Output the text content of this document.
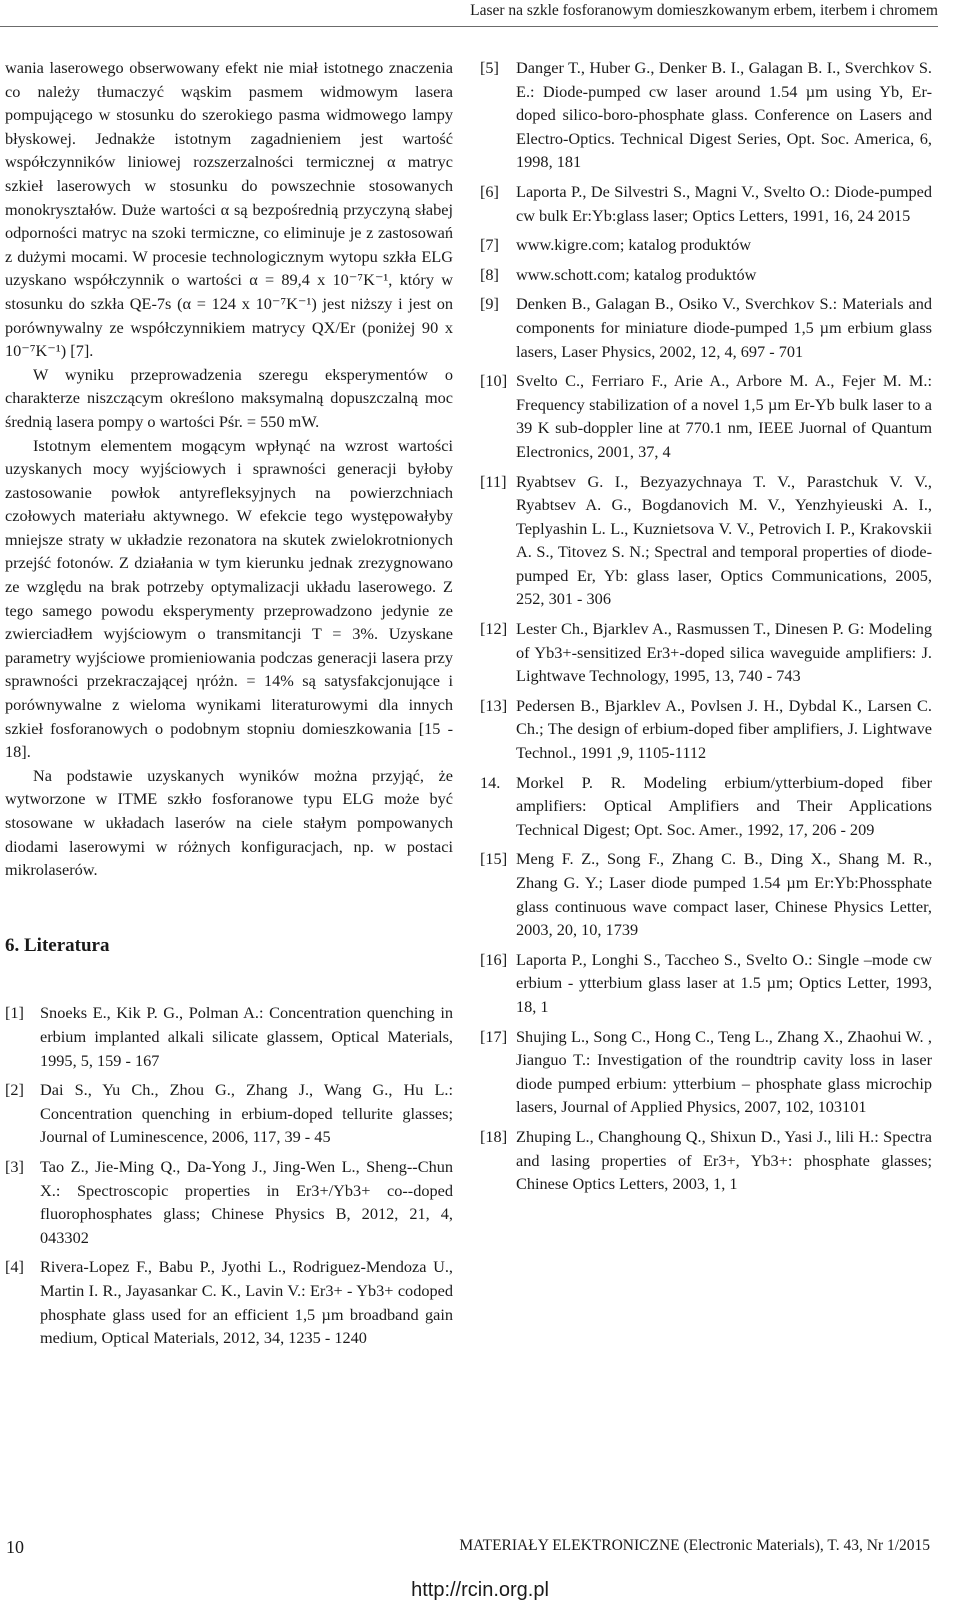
Laser na szkle fosforanowym domieszkowanym erbem, iterbem i chromem

wania laserowego obserwowany efekt nie miał istotnego znaczenia co należy tłumaczyć wąskim pasmem widmowym lasera pompującego w stosunku do szerokiego pasma widmowego lampy błyskowej. Jednakże istotnym zagadnieniem jest wartość współczynników liniowej rozszerzalności termicznej α matryc szkieł laserowych w stosunku do powszechnie stosowanych monokryształów. Duże wartości α są bezpośrednią przyczyną słabej odporności matryc na szoki termiczne, co eliminuje je z zastosowań z dużymi mocami. W procesie technologicznym wytopu szkła ELG uzyskano współczynnik o wartości α = 89,4 x 10⁻⁷K⁻¹, który w stosunku do szkła QE-7s (α = 124 x 10⁻⁷K⁻¹) jest niższy i jest on porównywalny ze współczynnikiem matrycy QX/Er (poniżej 90 x 10⁻⁷K⁻¹) [7].

W wyniku przeprowadzenia szeregu eksperymentów o charakterze niszczącym określono maksymalną dopuszczalną moc średnią lasera pompy o wartości Pśr. = 550 mW.

Istotnym elementem mogącym wpłynąć na wzrost wartości uzyskanych mocy wyjściowych i sprawności generacji byłoby zastosowanie powłok antyrefleksyjnych na powierzchniach czołowych materiału aktywnego. W efekcie tego występowałyby mniejsze straty w układzie rezonatora na skutek zwielokrotnionych przejść fotonów. Z działania w tym kierunku jednak zrezygnowano ze względu na brak potrzeby optymalizacji układu laserowego. Z tego samego powodu eksperymenty przeprowadzono jedynie ze zwierciadłem wyjściowym o transmitancji T = 3%. Uzyskane parametry wyjściowe promieniowania podczas generacji lasera przy sprawności przekraczającej ηróżn. = 14% są satysfakcjonujące i porównywalne z wieloma wynikami literaturowymi dla innych szkieł fosforanowych o podobnym stopniu domieszkowania [15 - 18].

Na podstawie uzyskanych wyników można przyjąć, że wytworzone w ITME szkło fosforanowe typu ELG może być stosowane w układach laserów na ciele stałym pompowanych diodami laserowymi w różnych konfiguracjach, np. w postaci mikrolaserów.

6. Literatura
[1] Snoeks E., Kik P. G., Polman A.: Concentration quenching in erbium implanted alkali silicate glassem, Optical Materials, 1995, 5, 159 - 167
[2] Dai S., Yu Ch., Zhou G., Zhang J., Wang G., Hu L.: Concentration quenching in erbium-doped tellurite glasses; Journal of Luminescence, 2006, 117, 39 - 45
[3] Tao Z., Jie-Ming Q., Da-Yong J., Jing-Wen L., Sheng--Chun X.: Spectroscopic properties in Er3+/Yb3+ co--doped fluorophosphates glass; Chinese Physics B, 2012, 21, 4, 043302
[4] Rivera-Lopez F., Babu P., Jyothi L., Rodriguez-Mendoza U., Martin I. R., Jayasankar C. K., Lavin V.: Er3+ - Yb3+ codoped phosphate glass used for an efficient 1,5 µm broadband gain medium, Optical Materials, 2012, 34, 1235 - 1240
[5]	Danger T., Huber G., Denker B. I., Galagan B. I., Sverchkov S. E.: Diode-pumped cw laser around 1.54 µm using Yb, Er-doped silico-boro-phosphate glass. Conference on Lasers and Electro-Optics. Technical Digest Series, Opt. Soc. America, 6, 1998, 181
[6]	Laporta P., De Silvestri S., Magni V., Svelto O.: Diode-pumped cw bulk Er:Yb:glass laser; Optics Letters, 1991, 16, 24 2015
[7]	www.kigre.com; katalog produktów
[8]	www.schott.com; katalog produktów
[9]	Denken B., Galagan B., Osiko V., Sverchkov S.: Materials and components for miniature diode-pumped 1,5 µm erbium glass lasers, Laser Physics, 2002, 12, 4, 697 - 701
[10] Svelto C., Ferriaro F., Arie A., Arbore M. A., Fejer M. M.: Frequency stabilization of a novel 1,5 µm Er-Yb bulk laser to a 39 K sub-doppler line at 770.1 nm, IEEE Juornal of Quantum Electronics, 2001, 37, 4
[11] Ryabtsev G. I., Bezyazychnaya T. V., Parastchuk V. V., Ryabtsev A. G., Bogdanovich M. V., Yenzhyieuski A. I., Teplyashin L. L., Kuznietsova V. V., Petrovich I. P., Krakovskii A. S., Titovez S. N.; Spectral and temporal properties of diode-pumped Er, Yb: glass laser, Optics Communications, 2005, 252, 301 - 306
[12] Lester Ch., Bjarklev A., Rasmussen T., Dinesen P. G: Modeling of Yb3+-sensitized Er3+-doped silica waveguide amplifiers: J. Lightwave Technology, 1995, 13, 740 - 743
[13] Pedersen B., Bjarklev A., Povlsen J. H., Dybdal K., Larsen C. Ch.; The design of erbium-doped fiber amplifiers, J. Lightwave Technol., 1991 ,9, 1105-1112
14. Morkel P. R. Modeling erbium/ytterbium-doped fiber amplifiers: Optical Amplifiers and Their Applications Technical Digest; Opt. Soc. Amer., 1992, 17, 206 - 209
[15] Meng F. Z., Song F., Zhang C. B., Ding X., Shang M. R., Zhang G. Y.; Laser diode pumped 1.54 µm Er:Yb:Phossphate glass continuous wave compact laser, Chinese Physics Letter, 2003, 20, 10, 1739
[16] Laporta P., Longhi S., Taccheo S., Svelto O.: Single –mode cw erbium - ytterbium glass laser at 1.5 µm; Optics Letter, 1993, 18, 1
[17] Shujing L., Song C., Hong C., Teng L., Zhang X., Zhaohui W. , Jianguo T.: Investigation of the roundtrip cavity loss in laser diode pumped erbium: ytterbium – phosphate glass microchip lasers, Journal of Applied Physics, 2007, 102, 103101
[18] Zhuping L., Changhoung Q., Shixun D., Yasi J., lili H.: Spectra and lasing properties of Er3+, Yb3+: phosphate glasses; Chinese Optics Letters, 2003, 1, 1
10	MATERIAŁY ELEKTRONICZNE (Electronic Materials), T. 43, Nr 1/2015
http://rcin.org.pl
